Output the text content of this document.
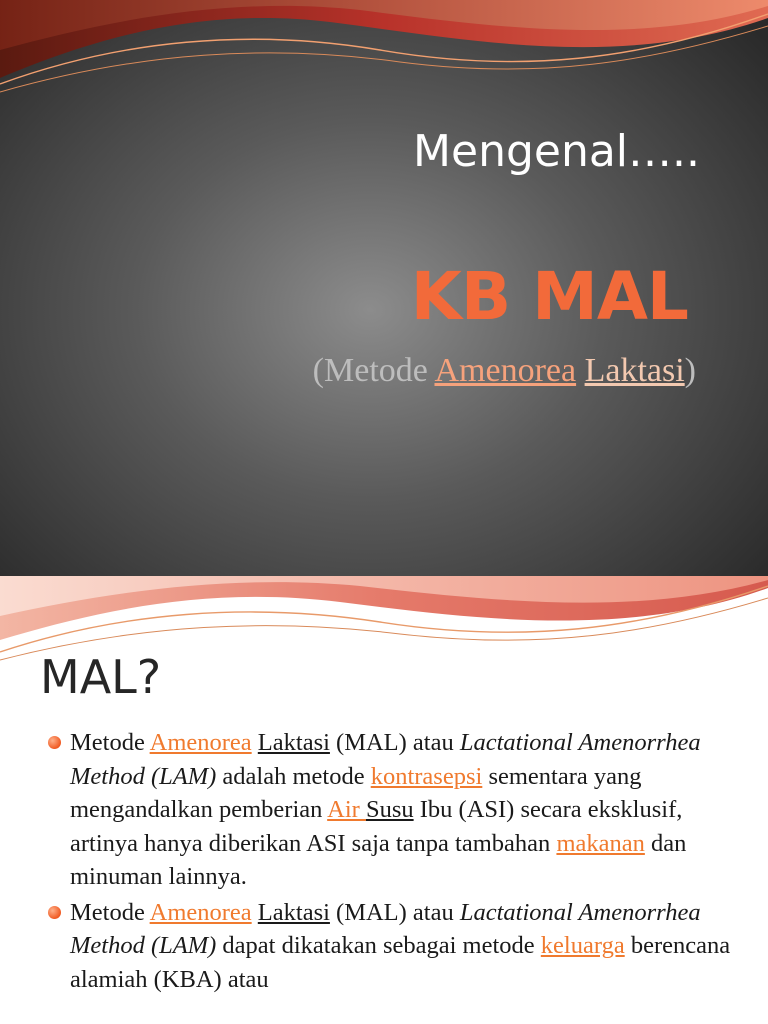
Mengenal…..
KB MAL
(Metode Amenorea Laktasi)
MAL?
Metode Amenorea Laktasi (MAL) atau Lactational Amenorrhea Method (LAM) adalah metode kontrasepsi sementara yang mengandalkan pemberian Air Susu Ibu (ASI) secara eksklusif, artinya hanya diberikan ASI saja tanpa tambahan makanan dan minuman lainnya.
Metode Amenorea Laktasi (MAL) atau Lactational Amenorrhea Method (LAM) dapat dikatakan sebagai metode keluarga berencana alamiah (KBA) atau
